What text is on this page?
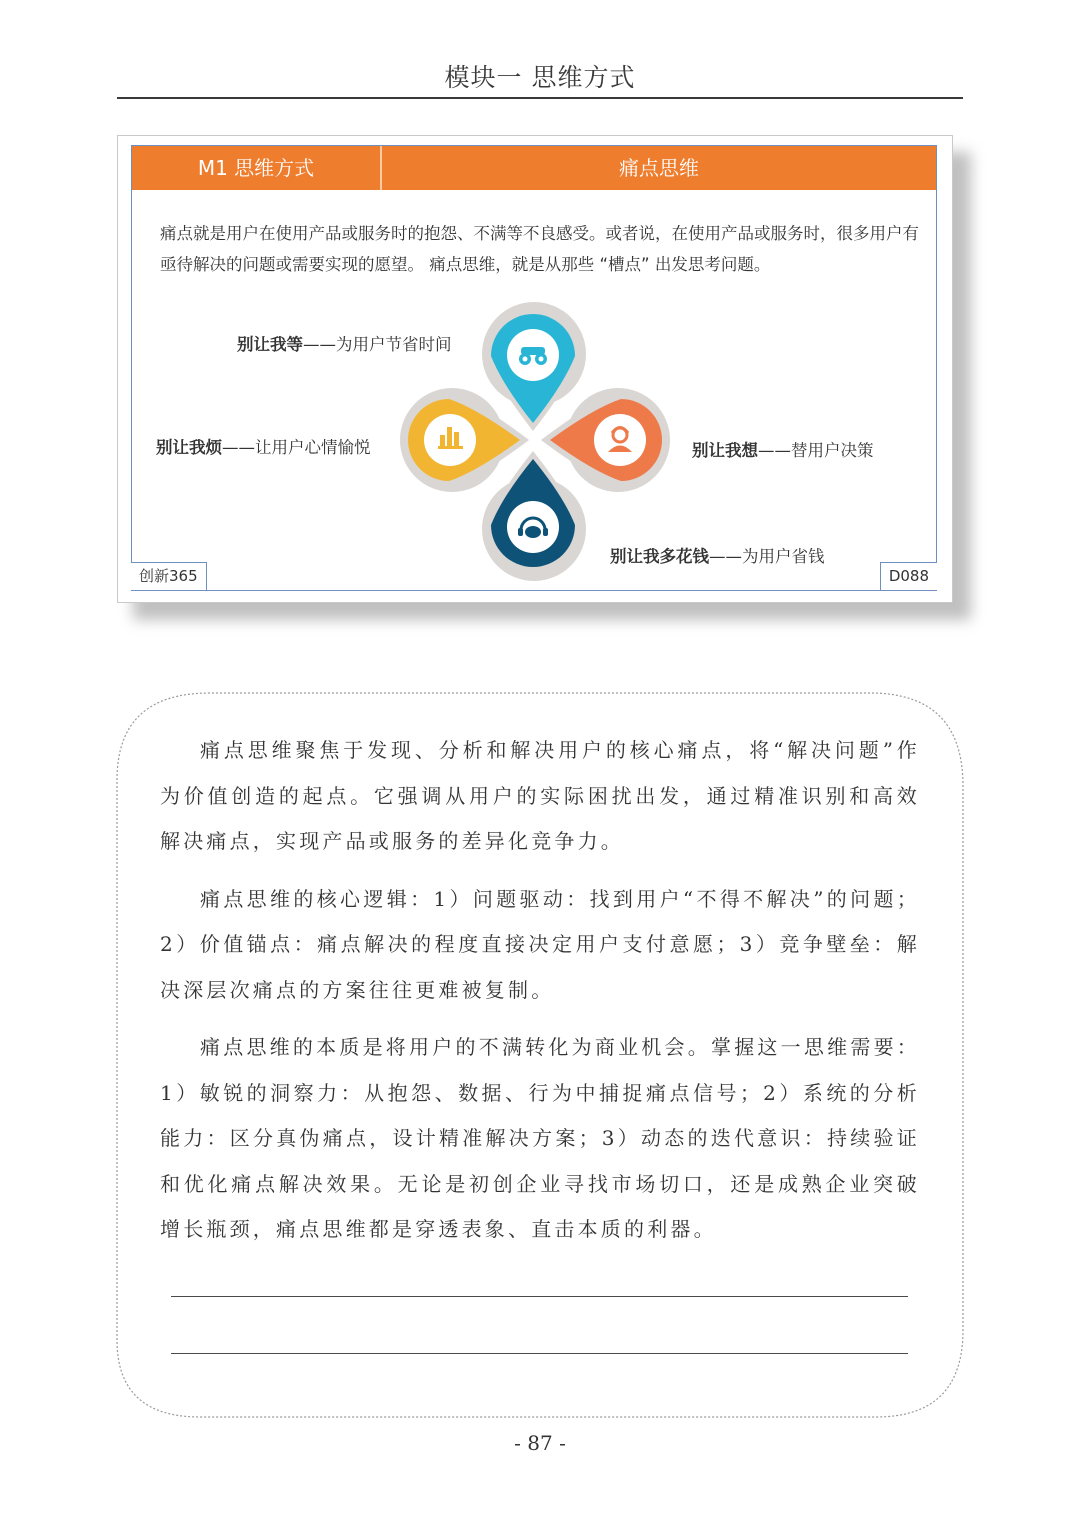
模块一 思维方式
M1 思维方式	痛点思维
痛点就是用户在使用产品或服务时的抱怨、不满等不良感受。或者说，在使用产品或服务时，很多用户有亟待解决的问题或需要实现的愿望。 痛点思维，就是从那些 “槽点” 出发思考问题。
别让我等——为用户节省时间
别让我烦——让用户心情愉悦	别让我想——替用户决策
别让我多花钱——为用户省钱
创新365	D088

痛点思维聚焦于发现、分析和解决用户的核心痛点，将“解决问题”作为价值创造的起点。它强调从用户的实际困扰出发，通过精准识别和高效解决痛点，实现产品或服务的差异化竞争力。

痛点思维的核心逻辑：1）问题驱动：找到用户“不得不解决”的问题；2）价值锚点：痛点解决的程度直接决定用户支付意愿；3）竞争壁垒：解决深层次痛点的方案往往更难被复制。

痛点思维的本质是将用户的不满转化为商业机会。掌握这一思维需要：1）敏锐的洞察力：从抱怨、数据、行为中捕捉痛点信号；2）系统的分析能力：区分真伪痛点，设计精准解决方案；3）动态的迭代意识：持续验证和优化痛点解决效果。无论是初创企业寻找市场切口，还是成熟企业突破增长瓶颈，痛点思维都是穿透表象、直击本质的利器。

- 87 -
